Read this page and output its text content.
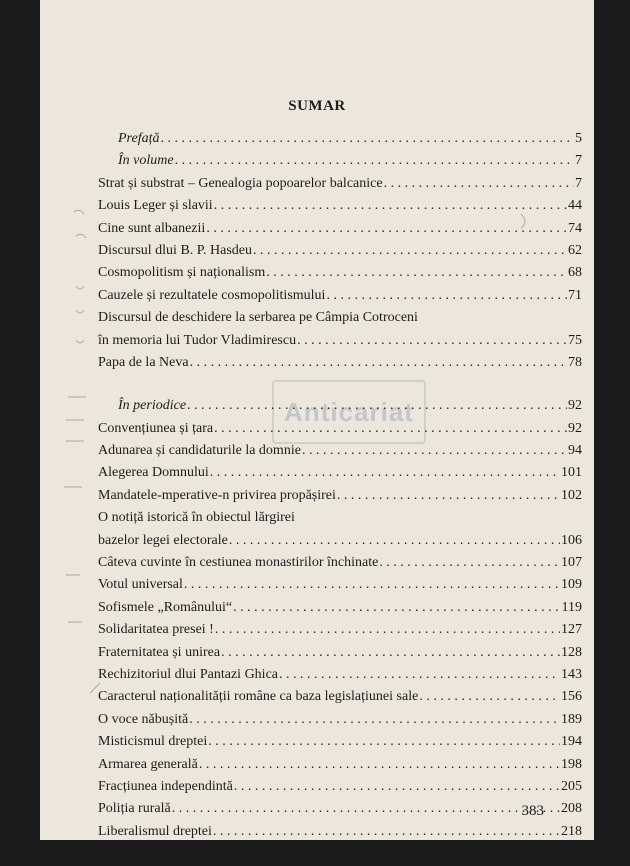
SUMAR
Anticariat
Prefață . . .	5
În volume . . .	7
Strat și substrat – Genealogia popoarelor balcanice . . .	7
Louis Leger și slavii . . .	44
Cine sunt albanezii . . .	74
Discursul dlui B. P. Hasdeu . . .	62
Cosmopolitism și naționalism . . .	68
Cauzele și rezultatele cosmopolitismului . . .	71
Discursul de deschidere la serbarea pe Câmpia Cotroceni
în memoria lui Tudor Vladimirescu . . .	75
Papa de la Neva . . .	78
În periodice . . .	92
Convențiunea și țara . . .	92
Adunarea și candidaturile la domnie . . .	94
Alegerea Domnului . . .	101
Mandatele-mperative-n privirea propășirei . . .	102
O notiță istorică în obiectul lărgirei
bazelor legei electorale . . .	106
Câteva cuvinte în cestiunea monastirilor închinate . . .	107
Votul universal . . .	109
Sofismele „Românului“ . . .	119
Solidaritatea presei ! . . .	127
Fraternitatea și unirea . . .	128
Rechizitoriul dlui Pantazi Ghica . . .	143
Caracterul naționalității române ca baza legislațiunei sale . . .	156
O voce năbușită . . .	189
Misticismul dreptei . . .	194
Armarea generală . . .	198
Fracțiunea independintă . . .	205
Poliția rurală . . .	208
Liberalismul dreptei . . .	218
Prima epistolă despre politica de la Bacău . . .	224
383
